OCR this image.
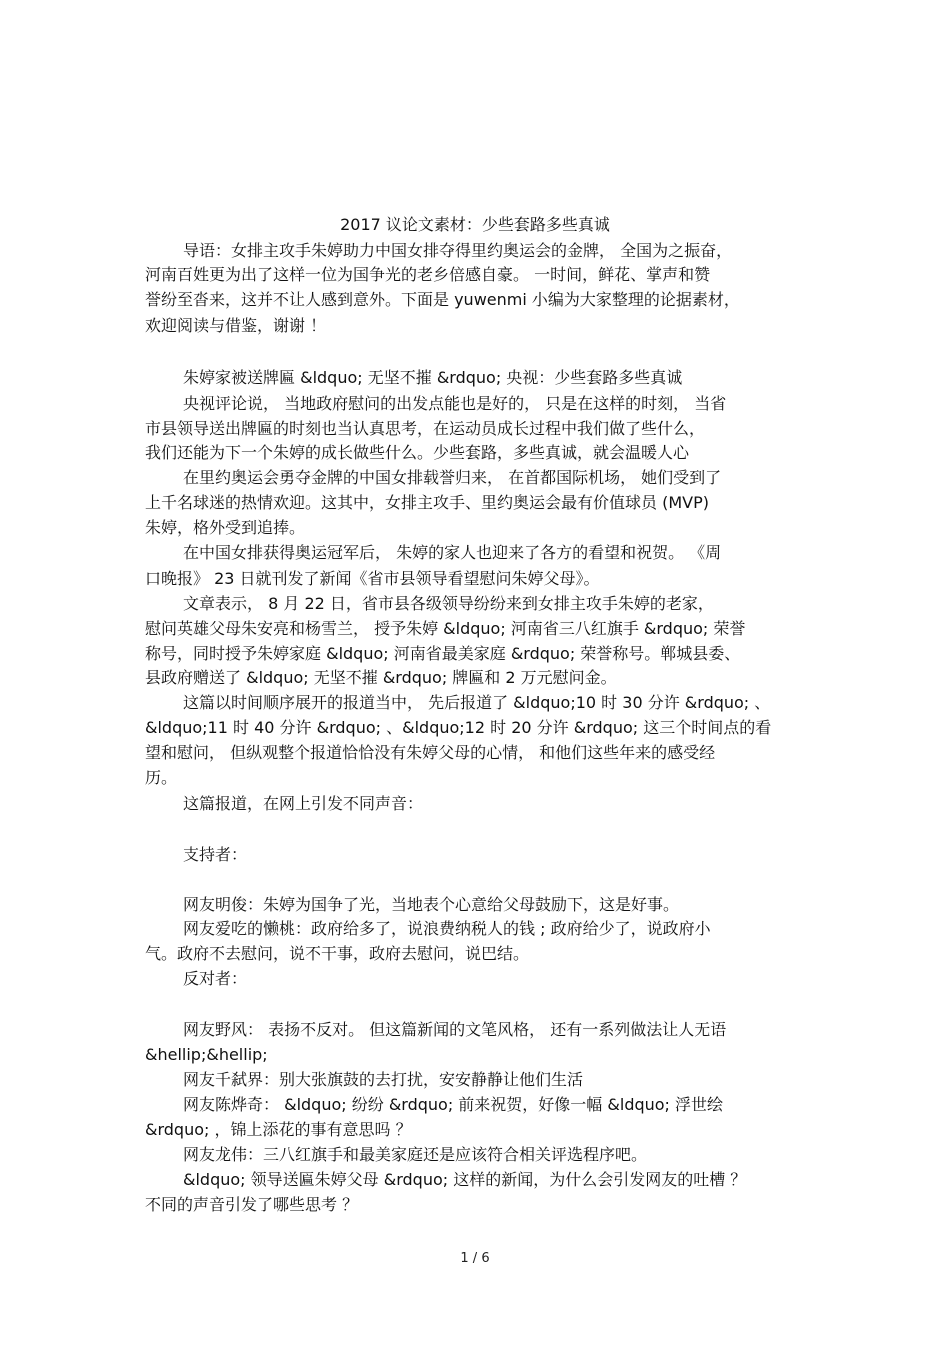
2017 议论文素材：少些套路多些真诚
导语：女排主攻手朱婷助力中国女排夺得里约奥运会的金牌， 全国为之振奋，
河南百姓更为出了这样一位为国争光的老乡倍感自豪。 一时间，鲜花、掌声和赞
誉纷至沓来，这并不让人感到意外。下面是 yuwenmi 小编为大家整理的论据素材，
欢迎阅读与借鉴，谢谢 ！
朱婷家被送牌匾 &ldquo; 无坚不摧 &rdquo; 央视：少些套路多些真诚
央视评论说， 当地政府慰问的出发点能也是好的， 只是在这样的时刻， 当省
市县领导送出牌匾的时刻也当认真思考，在运动员成长过程中我们做了些什么，
我们还能为下一个朱婷的成长做些什么。少些套路，多些真诚，就会温暖人心
在里约奥运会勇夺金牌的中国女排载誉归来， 在首都国际机场， 她们受到了
上千名球迷的热情欢迎。这其中，女排主攻手、里约奥运会最有价值球员 (MVP)
朱婷，格外受到追捧。
在中国女排获得奥运冠军后， 朱婷的家人也迎来了各方的看望和祝贺。 《周
口晚报》 23 日就刊发了新闻《省市县领导看望慰问朱婷父母》。
文章表示， 8 月 22 日，省市县各级领导纷纷来到女排主攻手朱婷的老家，
慰问英雄父母朱安亮和杨雪兰， 授予朱婷 &ldquo; 河南省三八红旗手 &rdquo; 荣誉
称号，同时授予朱婷家庭 &ldquo; 河南省最美家庭 &rdquo; 荣誉称号。郸城县委、
县政府赠送了 &ldquo; 无坚不摧 &rdquo; 牌匾和 2 万元慰问金。
这篇以时间顺序展开的报道当中， 先后报道了 &ldquo;10 时 30 分许 &rdquo; 、
&ldquo;11 时 40 分许 &rdquo; 、&ldquo;12 时 20 分许 &rdquo; 这三个时间点的看
望和慰问， 但纵观整个报道恰恰没有朱婷父母的心情， 和他们这些年来的感受经
历。
这篇报道，在网上引发不同声音：
支持者：
网友明俊：朱婷为国争了光，当地表个心意给父母鼓励下，这是好事。
网友爱吃的懒桃：政府给多了，说浪费纳税人的钱 ; 政府给少了，说政府小
气。政府不去慰问，说不干事，政府去慰问，说巴结。
反对者：
网友野风： 表扬不反对。 但这篇新闻的文笔风格， 还有一系列做法让人无语
&hellip;&hellip;
网友千弑界：别大张旗鼓的去打扰，安安静静让他们生活
网友陈烨奇： &ldquo; 纷纷 &rdquo; 前来祝贺，好像一幅 &ldquo; 浮世绘
&rdquo; ，锦上添花的事有意思吗 ？
网友龙伟：三八红旗手和最美家庭还是应该符合相关评选程序吧。
&ldquo; 领导送匾朱婷父母 &rdquo; 这样的新闻，为什么会引发网友的吐槽 ？
不同的声音引发了哪些思考 ？
1 / 6
